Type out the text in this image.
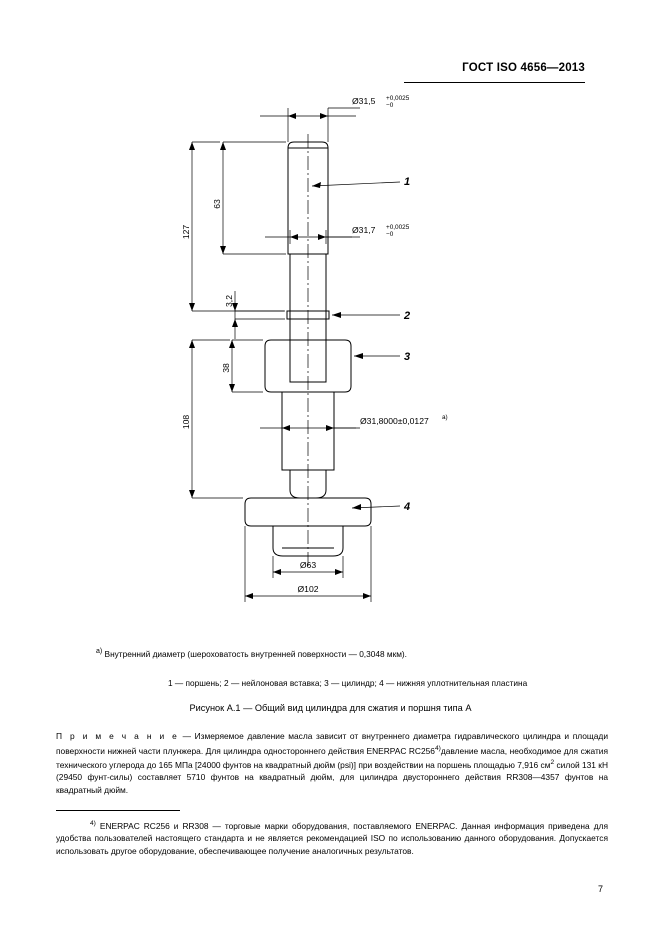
ГОСТ ISO 4656—2013
Ø31,5 +0,0025
−0
Ø31,7 +0,0025
−0
Ø31,8000±0,0127 а)
63
127
3,2
38
108
Ø63
Ø102
1
2
3
4
$^{а)}$ Внутренний диаметр (шероховатость внутренней поверхности — 0,3048 мкм).
1 — поршень; 2 — нейлоновая вставка; 3 — цилиндр; 4 — нижняя уплотнительная пластина
Рисунок А.1 — Общий вид цилиндра для сжатия и поршня типа А
П р и м е ч а н и е — Измеряемое давление масла зависит от внутреннего диаметра гидравлического цилиндра и площади поверхности нижней части плунжера. Для цилиндра одностороннего действия ENERPAC RC256$^{4)}$давление масла, необходимое для сжатия технического углерода до 165 МПа [24000 фунтов на квадратный дюйм (psi)] при воздействии на поршень площадью 7,916 $см^2$ силой 131 кН (29450 фунт-силы) составляет 5710 фунтов на квадратный дюйм, для цилиндра двустороннего действия RR308—4357 фунтов на квадратный дюйм.
$^{4)}$ ENERPAC RC256 и RR308 — торговые марки оборудования, поставляемого ENERPAC. Данная информация приведена для удобства пользователей настоящего стандарта и не является рекомендацией ISO по использованию данного оборудования. Допускается использовать другое оборудование, обеспечивающее получение аналогичных результатов.
7
